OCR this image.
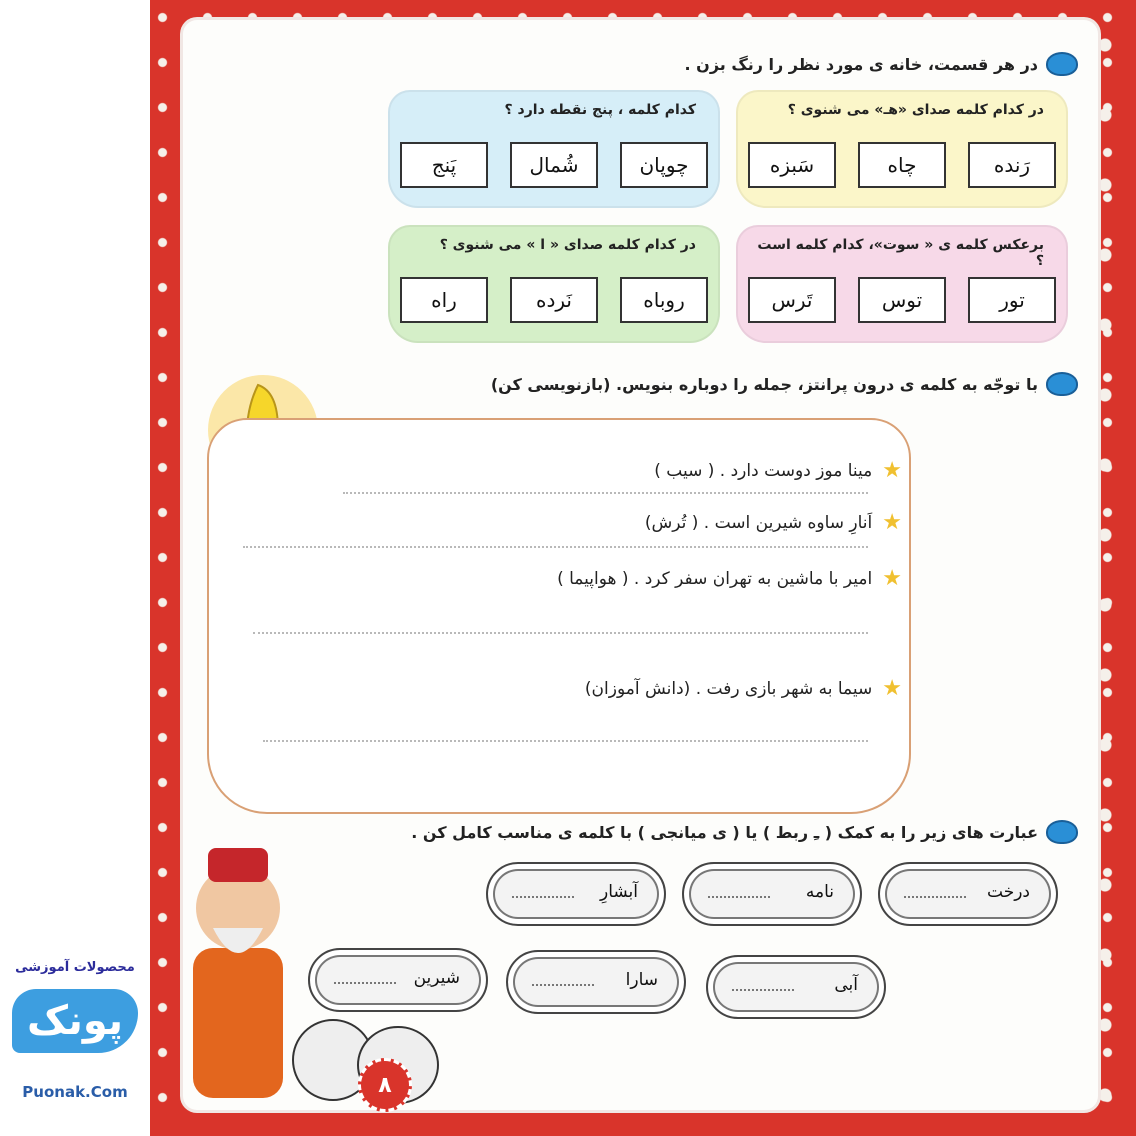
محصولات آموزشی
پونک
Puonak.Com
در هر قسمت، خانه ی مورد نظر را رنگ بزن .
در کدام کلمه صدای «هـ» می شنوی ؟
رَنده
چاه
سَبزه
کدام کلمه ، پنج نقطه دارد ؟
چوپان
شُمال
پَنج
برعکس کلمه ی « سوت»، کدام کلمه است ؟
تور
توس
تَرس
در کدام کلمه صدای « ا » می شنوی ؟
روباه
نَرده
راه
با توجّه به کلمه ی درون پرانتز، جمله را دوباره بنویس. (بازنویسی کن)
★
مینا موز دوست دارد . ( سیب )
★
اَنارِ ساوه شیرین است . ( تُرش)
★
امیر با ماشین به تهران سفر کرد . ( هواپیما )
★
سیما به شهر بازی رفت . (دانش آموزان)
عبارت های زیر را به کمک ( ـِ ربط ) یا ( ی میانجی ) با کلمه ی مناسب کامل کن .
درخت
نامه
آبشارِ
آبی
سارا
شیرین
۸
